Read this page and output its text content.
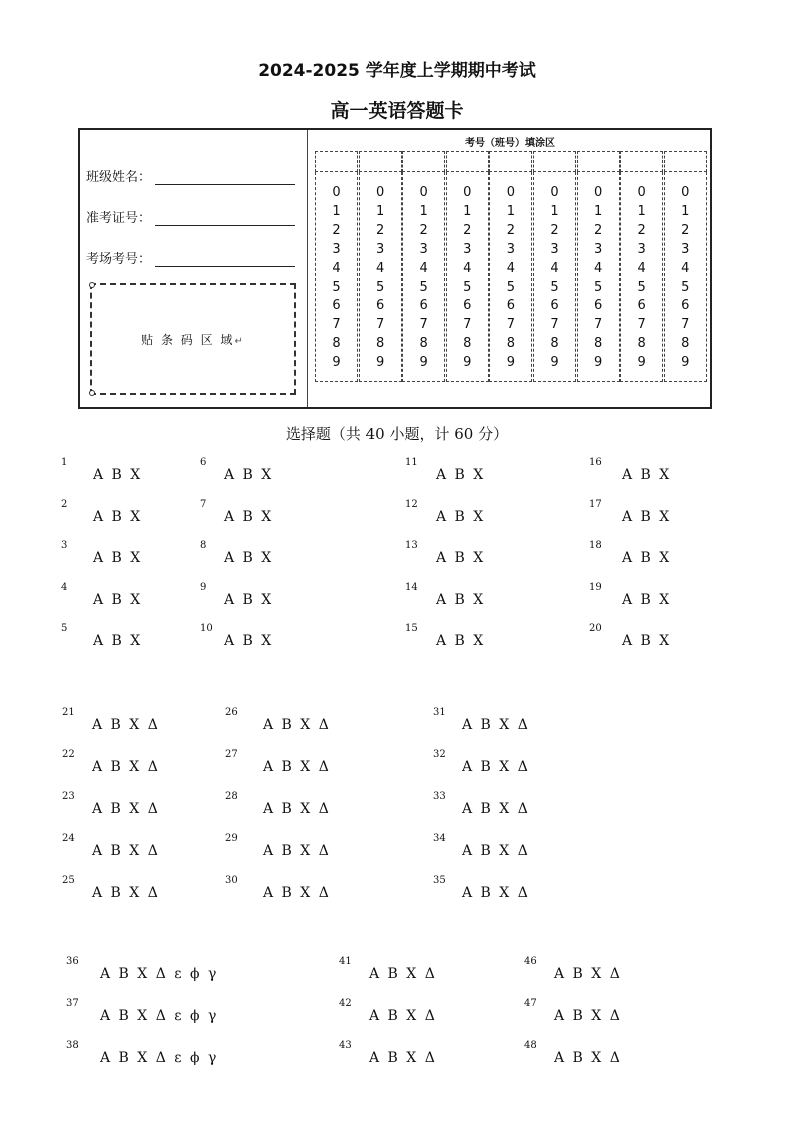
2024-2025 学年度上学期期中考试
高一英语答题卡
班级姓名：
准考证号：
考场考号：
贴 条 码 区 域↵
考号（班号）填涂区
0
1
2
3
4
5
6
7
8
9
0
1
2
3
4
5
6
7
8
9
0
1
2
3
4
5
6
7
8
9
0
1
2
3
4
5
6
7
8
9
0
1
2
3
4
5
6
7
8
9
0
1
2
3
4
5
6
7
8
9
0
1
2
3
4
5
6
7
8
9
0
1
2
3
4
5
6
7
8
9
0
1
2
3
4
5
6
7
8
9
选择题（共 40 小题，计 60 分）
1
A B X
2
A B X
3
A B X
4
A B X
5
A B X
6
A B X
7
A B X
8
A B X
9
A B X
10
A B X
11
A B X
12
A B X
13
A B X
14
A B X
15
A B X
16
A B X
17
A B X
18
A B X
19
A B X
20
A B X
21
A B X Δ
22
A B X Δ
23
A B X Δ
24
A B X Δ
25
A B X Δ
26
A B X Δ
27
A B X Δ
28
A B X Δ
29
A B X Δ
30
A B X Δ
31
A B X Δ
32
A B X Δ
33
A B X Δ
34
A B X Δ
35
A B X Δ
36
A B X Δ ε ϕ γ
37
A B X Δ ε ϕ γ
38
A B X Δ ε ϕ γ
41
A B X Δ
42
A B X Δ
43
A B X Δ
46
A B X Δ
47
A B X Δ
48
A B X Δ
